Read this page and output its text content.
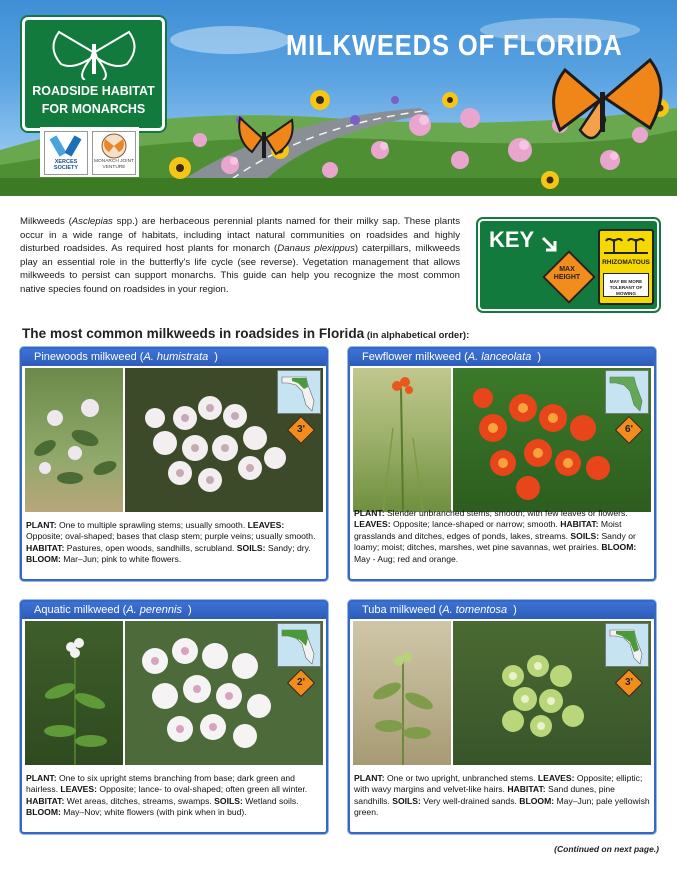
MILKWEEDS OF FLORIDA
ROADSIDE HABITAT
FOR MONARCHS
XERCES SOCIETY
MONARCH JOINT VENTURE
Milkweeds (Asclepias spp.) are herbaceous perennial plants named for their milky sap. These plants occur in a wide range of habitats, including intact natural communities on roadsides and highly disturbed roadsides. As required host plants for monarch (Danaus plexippus) caterpillars, milkweeds play an essential role in the butterfly's life cycle (see reverse). Vegetation management that allows milkweeds to persist can support monarchs. This guide can help you recognize the most common native species found on roadsides in your region.
KEY
MAX
HEIGHT
RHIZOMATOUS
MAY BE MORE
TOLERANT OF MOWING
The most common milkweeds in roadsides in Florida (in alphabetical order):
Pinewoods milkweed (A. humistrata )
3'
PLANT: One to multiple sprawling stems; usually smooth. LEAVES: Opposite; oval-shaped; bases that clasp stem; purple veins; usually smooth. HABITAT: Pastures, open woods, sandhills, scrubland. SOILS: Sandy; dry. BLOOM: Mar–Jun; pink to white flowers.
Fewflower milkweed (A. lanceolata )
6'
PLANT: Slender unbranched stems; smooth; with few leaves or flowers. LEAVES: Opposite; lance-shaped or narrow; smooth. HABITAT: Moist grasslands and ditches, edges of ponds, lakes, streams. SOILS: Sandy or loamy; moist; ditches, marshes, wet pine savannas, wet prairies. BLOOM: May - Aug; red and orange.
Aquatic milkweed (A. perennis )
2'
PLANT: One to six upright stems branching from base; dark green and hairless. LEAVES: Opposite; lance- to oval-shaped; often green all winter. HABITAT: Wet areas, ditches, streams, swamps. SOILS: Wetland soils. BLOOM: May–Nov; white flowers (with pink when in bud).
Tuba milkweed (A. tomentosa )
3'
PLANT: One or two upright, unbranched stems. LEAVES: Opposite; elliptic; with wavy margins and velvet-like hairs. HABITAT: Sand dunes, pine sandhills. SOILS: Very well-drained sands. BLOOM: May–Jun; pale yellowish green.
(Continued on next page.)
